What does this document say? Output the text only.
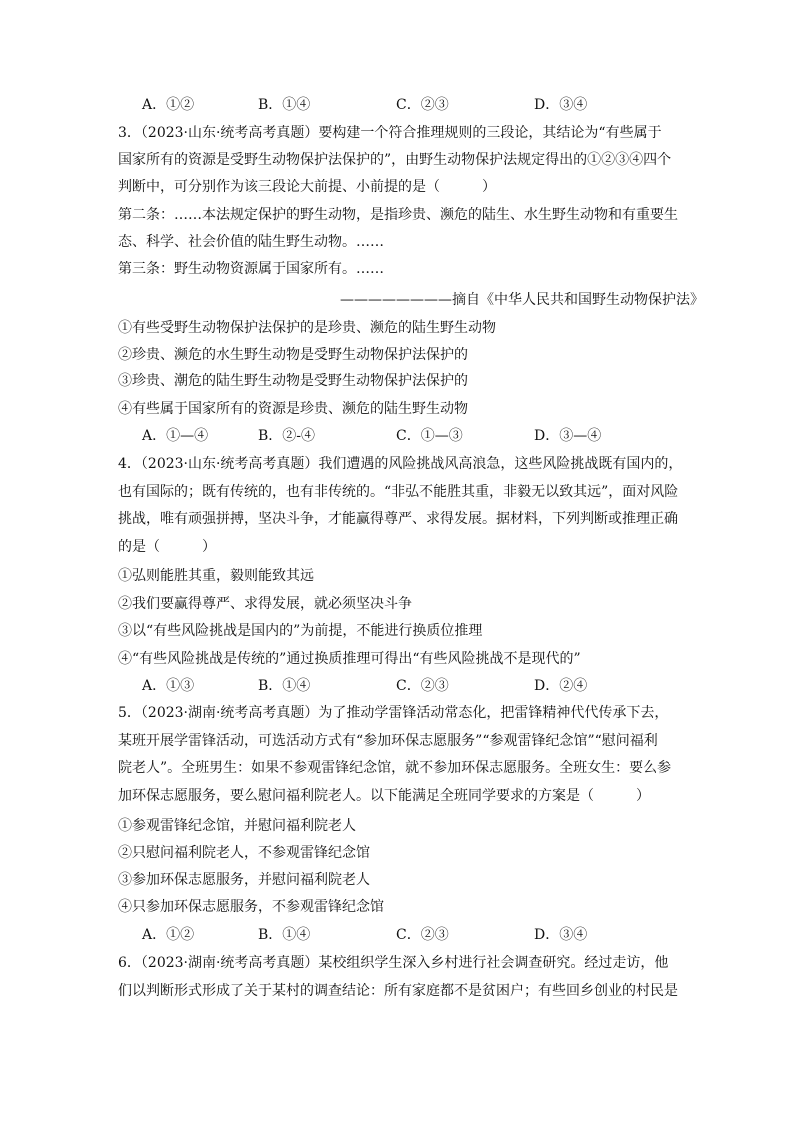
A．①②	B．①④	C．②③	D．③④
3．（2023·山东·统考高考真题）要构建一个符合推理规则的三段论，其结论为“有些属于
国家所有的资源是受野生动物保护法保护的”，由野生动物保护法规定得出的①②③④四个
判断中，可分别作为该三段论大前提、小前提的是（　　　）
第二条：……本法规定保护的野生动物，是指珍贵、濒危的陆生、水生野生动物和有重要生
态、科学、社会价值的陆生野生动物。……
第三条：野生动物资源属于国家所有。……
————————摘自《中华人民共和国野生动物保护法》
①有些受野生动物保护法保护的是珍贵、濒危的陆生野生动物
②珍贵、濒危的水生野生动物是受野生动物保护法保护的
③珍贵、潮危的陆生野生动物是受野生动物保护法保护的
④有些属于国家所有的资源是珍贵、濒危的陆生野生动物
A．①—④	B．②-④	C．①—③	D．③—④
4．（2023·山东·统考高考真题）我们遭遇的风险挑战风高浪急，这些风险挑战既有国内的，
也有国际的；既有传统的，也有非传统的。“非弘不能胜其重，非毅无以致其远”，面对风险
挑战，唯有顽强拼搏，坚决斗争，才能赢得尊严、求得发展。据材料，下列判断或推理正确
的是（　　　）
①弘则能胜其重，毅则能致其远
②我们要赢得尊严、求得发展，就必须坚决斗争
③以“有些风险挑战是国内的”为前提，不能进行换质位推理
④“有些风险挑战是传统的”通过换质推理可得出“有些风险挑战不是现代的”
A．①③	B．①④	C．②③	D．②④
5．（2023·湖南·统考高考真题）为了推动学雷锋活动常态化，把雷锋精神代代传承下去，
某班开展学雷锋活动，可选活动方式有“参加环保志愿服务”“参观雷锋纪念馆”“慰问福利
院老人”。全班男生：如果不参观雷锋纪念馆，就不参加环保志愿服务。全班女生：要么参
加环保志愿服务，要么慰问福利院老人。以下能满足全班同学要求的方案是（　　　）
①参观雷锋纪念馆，并慰问福利院老人
②只慰问福利院老人，不参观雷锋纪念馆
③参加环保志愿服务，并慰问福利院老人
④只参加环保志愿服务，不参观雷锋纪念馆
A．①②	B．①④	C．②③	D．③④
6．（2023·湖南·统考高考真题）某校组织学生深入乡村进行社会调查研究。经过走访，他
们以判断形式形成了关于某村的调查结论：所有家庭都不是贫困户；有些回乡创业的村民是
